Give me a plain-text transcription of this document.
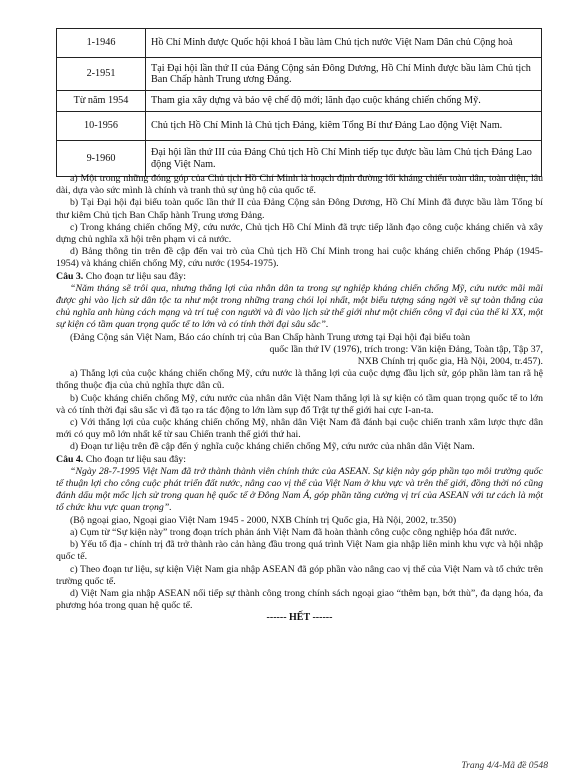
1-1946	Hồ Chí Minh được Quốc hội khoá I bầu làm Chủ tịch nước Việt Nam Dân chủ Cộng hoà
2-1951	Tại Đại hội lần thứ II của Đảng Cộng sản Đông Dương, Hồ Chí Minh được bầu làm Chủ tịch Ban Chấp hành Trung ương Đảng.
Từ năm 1954	Tham gia xây dựng và bảo vệ chế độ mới; lãnh đạo cuộc kháng chiến chống Mỹ.
10-1956	Chủ tịch Hồ Chí Minh là Chủ tịch Đảng, kiêm Tổng Bí thư Đảng Lao động Việt Nam.
9-1960	Đại hội lần thứ III của Đảng Chủ tịch Hồ Chí Minh tiếp tục được bầu làm Chủ tịch Đảng Lao động Việt Nam.

a) Một trong những đóng góp của Chủ tịch Hồ Chí Minh là hoạch định đường lối kháng chiến toàn dân, toàn diện, lâu dài, dựa vào sức mình là chính và tranh thủ sự ủng hộ của quốc tế.

b) Tại Đại hội đại biểu toàn quốc lần thứ II của Đảng Cộng sản Đông Dương, Hồ Chí Minh đã được bầu làm Tổng bí thư kiêm Chủ tịch Ban Chấp hành Trung ương Đảng.

c) Trong kháng chiến chống Mỹ, cứu nước, Chủ tịch Hồ Chí Minh đã trực tiếp lãnh đạo công cuộc kháng chiến và xây dựng chủ nghĩa xã hội trên phạm vi cả nước.

d) Bảng thông tin trên đề cập đến vai trò của Chủ tịch Hồ Chí Minh trong hai cuộc kháng chiến chống Pháp (1945-1954) và kháng chiến chống Mỹ, cứu nước (1954-1975).

Câu 3. Cho đoạn tư liệu sau đây:

“Năm tháng sẽ trôi qua, nhưng thắng lợi của nhân dân ta trong sự nghiệp kháng chiến chống Mỹ, cứu nước mãi mãi được ghi vào lịch sử dân tộc ta như một trong những trang chói lọi nhất, một biểu tượng sáng ngời về sự toàn thắng của chủ nghĩa anh hùng cách mạng và trí tuệ con người và đi vào lịch sử thế giới như một chiến công vĩ đại của thế kỉ XX, một sự kiện có tầm quan trọng quốc tế to lớn và có tính thời đại sâu sắc”.

(Đảng Cộng sản Việt Nam, Báo cáo chính trị của Ban Chấp hành Trung ương tại Đại hội đại biểu toàn

quốc lần thứ IV (1976), trích trong: Văn kiện Đảng, Toàn tập, Tập 37,

NXB Chính trị quốc gia, Hà Nội, 2004, tr.457).

a) Thắng lợi của cuộc kháng chiến chống Mỹ, cứu nước là thắng lợi của cuộc dựng đầu lịch sử, góp phần làm tan rã hệ thống thuộc địa của chủ nghĩa thực dân cũ.

b) Cuộc kháng chiến chống Mỹ, cứu nước của nhân dân Việt Nam thắng lợi là sự kiện có tầm quan trọng quốc tế to lớn và có tính thời đại sâu sắc vì đã tạo ra tác động to lớn làm sụp đổ Trật tự thế giới hai cực I-an-ta.

c) Với thắng lợi của cuộc kháng chiến chống Mỹ, nhân dân Việt Nam đã đánh bại cuộc chiến tranh xâm lược thực dân mới có quy mô lớn nhất kể từ sau Chiến tranh thế giới thứ hai.

d) Đoạn tư liệu trên đề cập đến ý nghĩa cuộc kháng chiến chống Mỹ, cứu nước của nhân dân Việt Nam.

Câu 4. Cho đoạn tư liệu sau đây:

“Ngày 28-7-1995 Việt Nam đã trở thành thành viên chính thức của ASEAN. Sự kiện này góp phần tạo môi trường quốc tế thuận lợi cho công cuộc phát triển đất nước, nâng cao vị thế của Việt Nam ở khu vực và trên thế giới, đồng thời nó cũng đánh dấu một mốc lịch sử trong quan hệ quốc tế ở Đông Nam Á, góp phần tăng cường vị trí của ASEAN với tư cách là một tổ chức khu vực quan trọng”.

(Bộ ngoại giao, Ngoại giao Việt Nam 1945 - 2000, NXB Chính trị Quốc gia, Hà Nội, 2002, tr.350)

a) Cụm từ “Sự kiện này” trong đoạn trích phản ánh Việt Nam đã hoàn thành công cuộc công nghiệp hóa đất nước.

b) Yếu tố địa - chính trị đã trở thành rào cản hàng đầu trong quá trình Việt Nam gia nhập liên minh khu vực và hội nhập quốc tế.

c) Theo đoạn tư liệu, sự kiện Việt Nam gia nhập ASEAN đã góp phần vào nâng cao vị thế của Việt Nam và tổ chức trên trường quốc tế.

d) Việt Nam gia nhập ASEAN nối tiếp sự thành công trong chính sách ngoại giao “thêm bạn, bớt thù”, đa dạng hóa, đa phương hóa trong quan hệ quốc tế.

------ HẾT ------

Trang 4/4-Mã đề 0548
